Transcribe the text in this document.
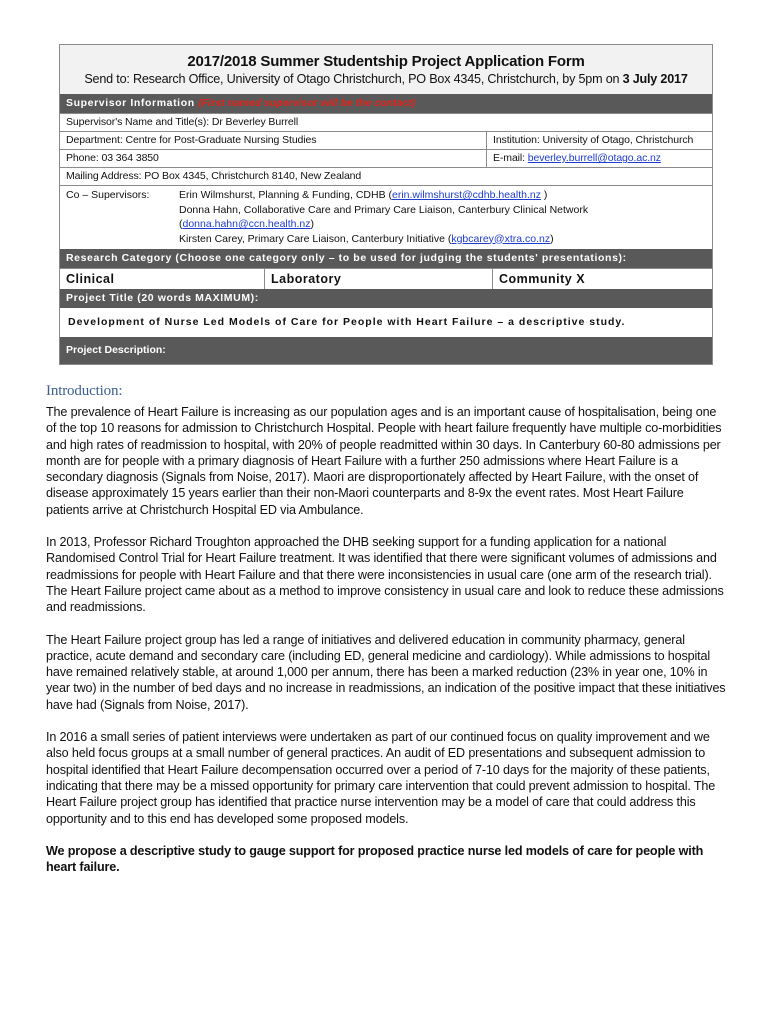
2017/2018 Summer Studentship Project Application Form
Send to: Research Office, University of Otago Christchurch, PO Box 4345, Christchurch, by 5pm on 3 July 2017
Supervisor Information (First named supervisor will be the contact)
Supervisor's Name and Title(s): Dr Beverley Burrell
Department: Centre for Post-Graduate Nursing Studies	Institution: University of Otago, Christchurch
Phone: 03 364 3850	E-mail: beverley.burrell@otago.ac.nz
Mailing Address: PO Box 4345, Christchurch 8140, New Zealand
Co – Supervisors:	Erin Wilmshurst, Planning & Funding, CDHB (erin.wilmshurst@cdhb.health.nz )
Donna Hahn, Collaborative Care and Primary Care Liaison, Canterbury Clinical Network
(donna.hahn@ccn.health.nz)
Kirsten Carey, Primary Care Liaison, Canterbury Initiative (kgbcarey@xtra.co.nz)
Research Category (Choose one category only – to be used for judging the students' presentations):
Clinical	Laboratory	Community X
Project Title (20 words MAXIMUM):
Development of Nurse Led Models of Care for People with Heart Failure – a descriptive study.
Project Description:
Introduction:

The prevalence of Heart Failure is increasing as our population ages and is an important cause of hospitalisation, being one of the top 10 reasons for admission to Christchurch Hospital. People with heart failure frequently have multiple co-morbidities and high rates of readmission to hospital, with 20% of people readmitted within 30 days. In Canterbury 60-80 admissions per month are for people with a primary diagnosis of Heart Failure with a further 250 admissions where Heart Failure is a secondary diagnosis (Signals from Noise, 2017). Maori are disproportionately affected by Heart Failure, with the onset of disease approximately 15 years earlier than their non-Maori counterparts and 8-9x the event rates. Most Heart Failure patients arrive at Christchurch Hospital ED via Ambulance.

In 2013, Professor Richard Troughton approached the DHB seeking support for a funding application for a national Randomised Control Trial for Heart Failure treatment. It was identified that there were significant volumes of admissions and readmissions for people with Heart Failure and that there were inconsistencies in usual care (one arm of the research trial). The Heart Failure project came about as a method to improve consistency in usual care and look to reduce these admissions and readmissions.

The Heart Failure project group has led a range of initiatives and delivered education in community pharmacy, general practice, acute demand and secondary care (including ED, general medicine and cardiology). While admissions to hospital have remained relatively stable, at around 1,000 per annum, there has been a marked reduction (23% in year one, 10% in year two) in the number of bed days and no increase in readmissions, an indication of the positive impact that these initiatives have had (Signals from Noise, 2017).

In 2016 a small series of patient interviews were undertaken as part of our continued focus on quality improvement and we also held focus groups at a small number of general practices. An audit of ED presentations and subsequent admission to hospital identified that Heart Failure decompensation occurred over a period of 7-10 days for the majority of these patients, indicating that there may be a missed opportunity for primary care intervention that could prevent admission to hospital. The Heart Failure project group has identified that practice nurse intervention may be a model of care that could address this opportunity and to this end has developed some proposed models.

We propose a descriptive study to gauge support for proposed practice nurse led models of care for people with heart failure.
